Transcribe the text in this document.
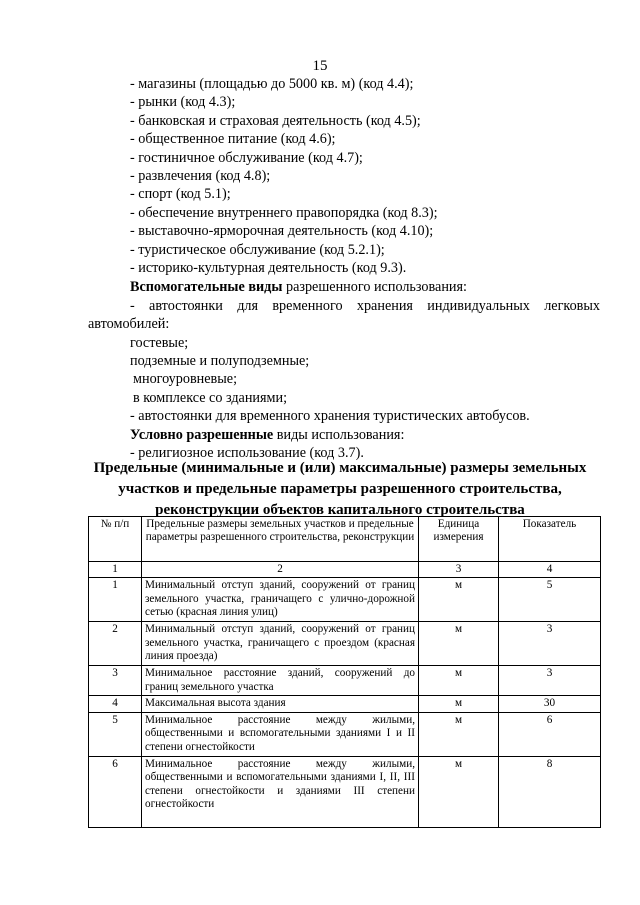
15
- магазины (площадью до 5000 кв. м) (код 4.4);
- рынки (код 4.3);
- банковская и страховая деятельность (код 4.5);
- общественное питание (код 4.6);
- гостиничное обслуживание (код 4.7);
- развлечения (код 4.8);
- спорт (код 5.1);
- обеспечение внутреннего правопорядка (код 8.3);
- выставочно-ярморочная деятельность (код 4.10);
- туристическое обслуживание (код 5.2.1);
- историко-культурная деятельность (код 9.3).
Вспомогательные виды разрешенного использования:
- автостоянки для временного хранения индивидуальных легковых
автомобилей:
гостевые;
подземные и полуподземные;
многоуровневые;
в комплексе со зданиями;
- автостоянки для временного хранения туристических автобусов.
Условно разрешенные виды использования:
- религиозное использование (код 3.7).
Предельные (минимальные и (или) максимальные) размеры земельных
участков и предельные параметры разрешенного строительства,
реконструкции объектов капитального строительства
№ п/п	Предельные размеры земельных участков и предельные параметры разрешенного строительства, реконструкции	Единица измерения	Показатель
1	2	3	4
1	Минимальный отступ зданий, сооружений от границ земельного участка, граничащего с улично-дорожной сетью (красная линия улиц)	м	5
2	Минимальный отступ зданий, сооружений от границ земельного участка, граничащего с проездом (красная линия проезда)	м	3
3	Минимальное расстояние зданий, сооружений до границ земельного участка	м	3
4	Максимальная высота здания	м	30
5	Минимальное расстояние между жилыми, общественными и вспомогательными зданиями I и II степени огнестойкости	м	6
6	Минимальное расстояние между жилыми, общественными и вспомогательными зданиями I, II, III степени огнестойкости и зданиями III степени огнестойкости	м	8
